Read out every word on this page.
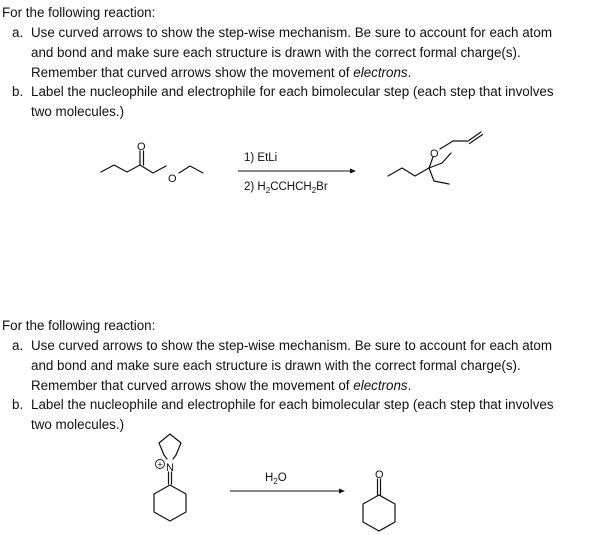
For the following reaction:

a. Use curved arrows to show the step-wise mechanism. Be sure to account for each atom

and bond and make sure each structure is drawn with the correct formal charge(s).

Remember that curved arrows show the movement of electrons.

b. Label the nucleophile and electrophile for each bimolecular step (each step that involves

two molecules.)

O
O
1) EtLi
2) $H_2CCHCH_2Br$
O

For the following reaction:

a. Use curved arrows to show the step-wise mechanism. Be sure to account for each atom

and bond and make sure each structure is drawn with the correct formal charge(s).

Remember that curved arrows show the movement of electrons.

b. Label the nucleophile and electrophile for each bimolecular step (each step that involves

two molecules.)

+ N
$H_2O$	O
